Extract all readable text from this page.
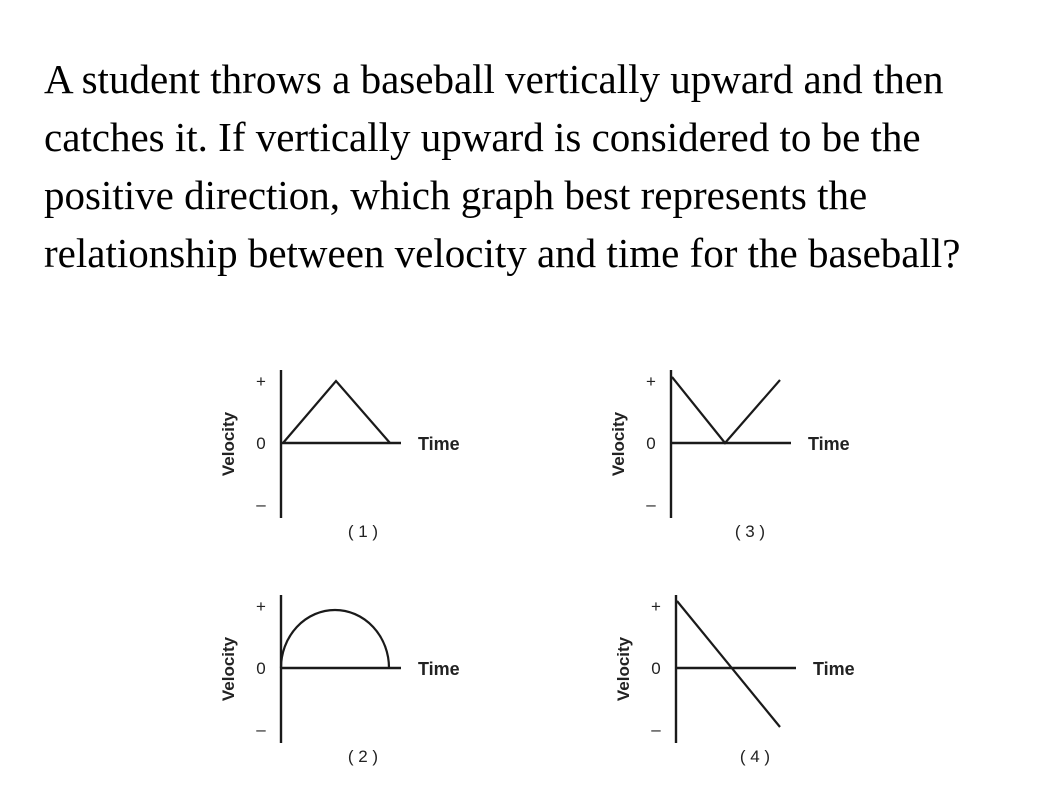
A student throws a baseball vertically upward and then catches it. If vertically upward is considered to be the positive direction, which graph best represents the relationship between velocity and time for the baseball?

Velocity
+
0
–
Time
( 1 )
Velocity
+
0
–
Time
( 3 )
Velocity
+
0
–
Time
( 2 )
Velocity
+
0
–
Time
( 4 )
